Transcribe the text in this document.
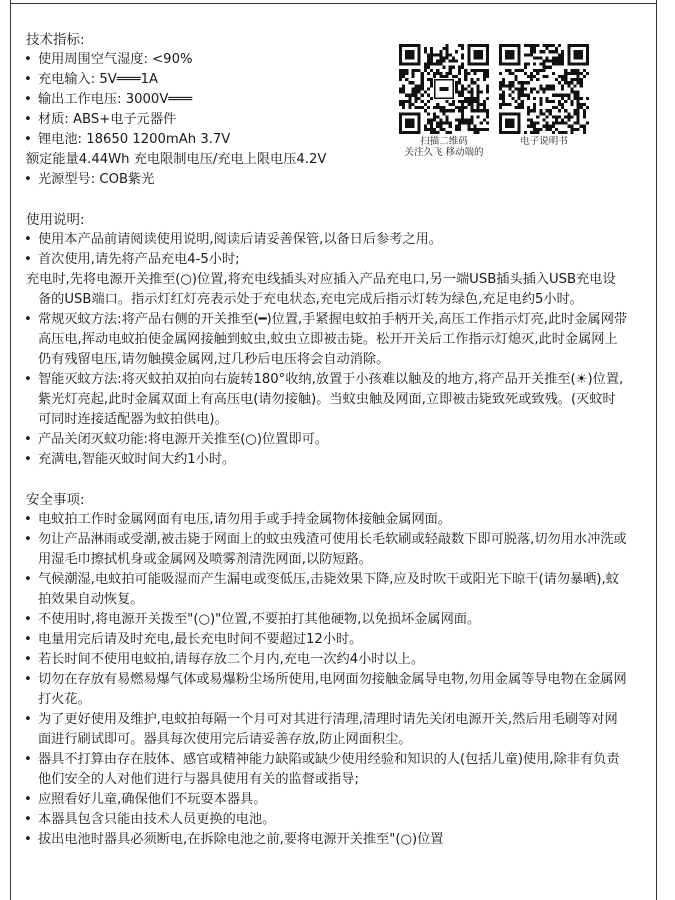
技术指标:
• 使用周围空气湿度: <90%
• 充电输入: 5V═══1A
• 输出工作电压: 3000V═══
• 材质: ABS+电子元器件
• 锂电池: 18650 1200mAh 3.7V
额定能量4.44Wh 充电限制电压/充电上限电压4.2V
• 光源型号: COB紫光
使用说明:
• 使用本产品前请阅读使用说明,阅读后请妥善保管,以备日后参考之用。
• 首次使用,请先将产品充电4-5小时;
充电时,先将电源开关推至(○)位置,将充电线插头对应插入产品充电口,另一端USB插头插入USB充电设备的USB端口。指示灯红灯亮表示处于充电状态,充电完成后指示灯转为绿色,充足电约5小时。
• 常规灭蚊方法:将产品右侧的开关推至(━)位置,手紧握电蚊拍手柄开关,高压工作指示灯亮,此时金属网带高压电,挥动电蚊拍使金属网接触到蚊虫,蚊虫立即被击毙。松开开关后工作指示灯熄灭,此时金属网上仍有残留电压,请勿触摸金属网,过几秒后电压将会自动消除。
• 智能灭蚊方法:将灭蚊拍双拍向右旋转180°收纳,放置于小孩难以触及的地方,将产品开关推至(☀)位置,紫光灯亮起,此时金属双面上有高压电(请勿接触)。当蚊虫触及网面,立即被击毙致死或致残。(灭蚊时可同时连接适配器为蚊拍供电)。
• 产品关闭灭蚊功能:将电源开关推至(○)位置即可。
• 充满电,智能灭蚊时间大约1小时。
安全事项:
• 电蚊拍工作时金属网面有电压,请勿用手或手持金属物体接触金属网面。
• 勿让产品淋雨或受潮,被击毙于网面上的蚊虫残渣可使用长毛软刷或轻敲数下即可脱落,切勿用水冲洗或用湿毛巾擦拭机身或金属网及喷雾剂清洗网面,以防短路。
• 气候潮湿,电蚊拍可能吸湿而产生漏电或变低压,击毙效果下降,应及时吹干或阳光下晾干(请勿暴晒),蚊拍效果自动恢复。
• 不使用时,将电源开关拨至"(○)"位置,不要拍打其他硬物,以免损坏金属网面。
• 电量用完后请及时充电,最长充电时间不要超过12小时。
• 若长时间不使用电蚊拍,请每存放二个月内,充电一次约4小时以上。
• 切勿在存放有易燃易爆气体或易爆粉尘场所使用,电网面勿接触金属导电物,勿用金属等导电物在金属网打火花。
• 为了更好使用及维护,电蚊拍每隔一个月可对其进行清理,清理时请先关闭电源开关,然后用毛刷等对网面进行刷试即可。器具每次使用完后请妥善存放,防止网面积尘。
• 器具不打算由存在肢体、感官或精神能力缺陷或缺少使用经验和知识的人(包括儿童)使用,除非有负责他们安全的人对他们进行与器具使用有关的监督或指导;
• 应照看好儿童,确保他们不玩耍本器具。
• 本器具包含只能由技术人员更换的电池。
• 拔出电池时器具必须断电,在拆除电池之前,要将电源开关推至"(○)位置
扫描二维码
关注久飞 移动端的
电子说明书
